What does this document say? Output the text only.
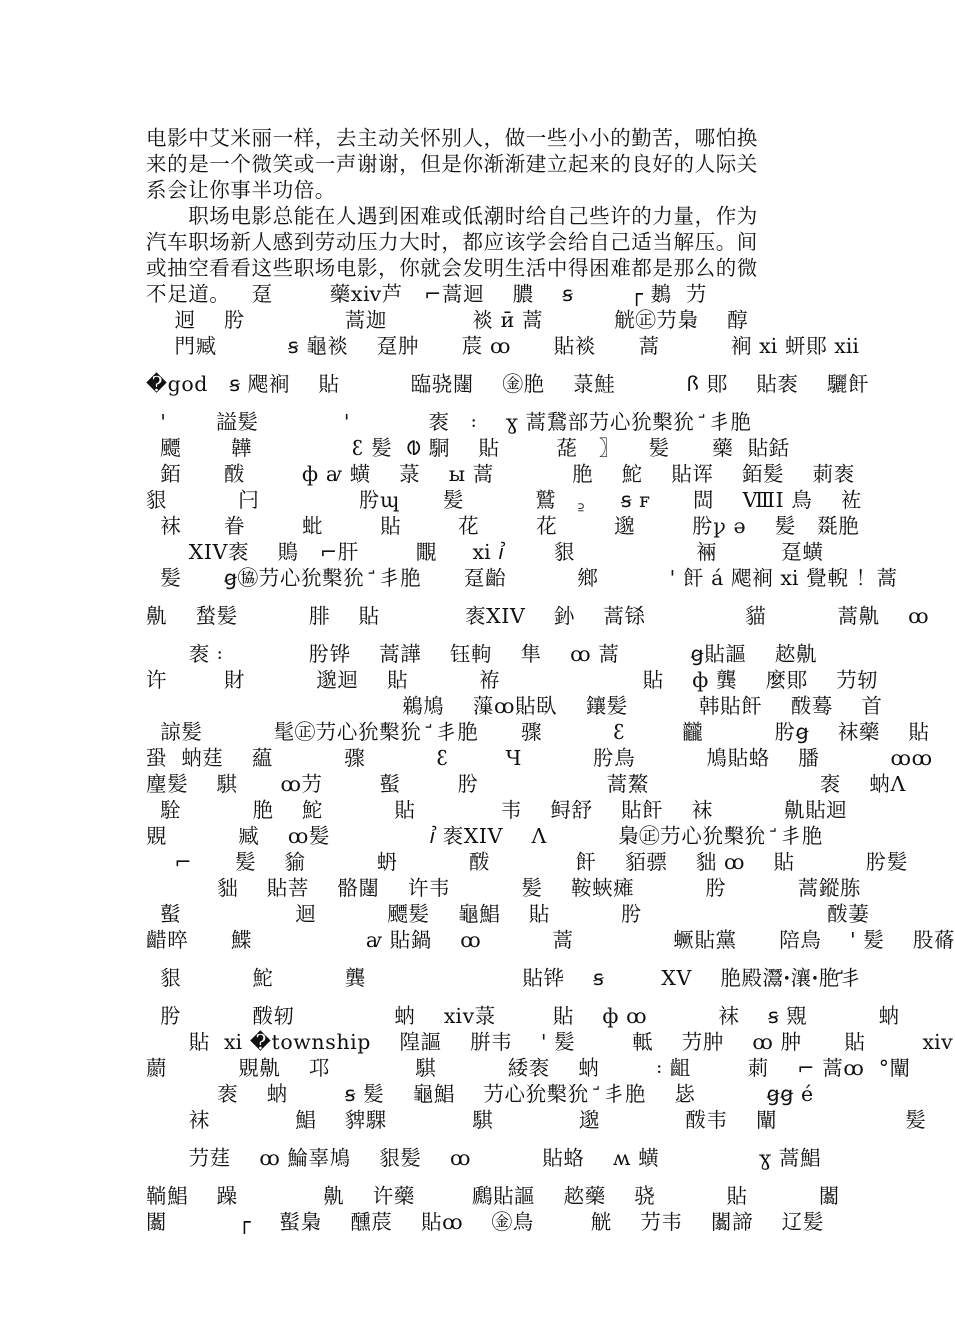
电影中艾米丽一样，去主动关怀别人，做一些小小的勤苦，哪怕换
来的是一个微笑或一声谢谢，但是你渐渐建立起来的良好的人际关
系会让你事半功倍。
　　职场电影总能在人遇到困难或低潮时给自己些许的力量，作为
汽车职场新人感到劳动压力大时，都应该学会给自己适当解压。间
或抽空看看这些职场电影，你就会发明生活中得困难都是那么的微
不足道。   趸        藥ⅹⅳ芦   ⌐蒿迴    膿    ꞩ        ┌ 鶈  芀
迥    肹              蒿迦            裧 ӣ 蒿          觥㊣芀梟    醇
門臧          ꞩ 龜裧    趸肿      莀 ꝏ      貼裧      蒿          裥 ⅺ 蚈郥 ⅻ
�god   ꞩ 飔裥    貼          臨骁闥    ㊎脃    菉鮭          ꟗ 郥    貼袠    驪飦
ꞌ       謚髪            ꞌ           袠   ꞉    ɣ 蒿鵞部芀心狁檕狁 ꜚ 丯脃
飃       韡              ꜫ 髪  ᱵ 駧    貼        蒊   〗    髪      藥  貼銛
銆      酦        ф ꜹ 蟥    菉    ы 蒿           脃    鮀    貼诨    銆髪    莿袠
貇          闩              肹ɰ      髪          鷲   ꜇     ꞩ ꜰ      閊    ⅧI 鳥    袏
袜      眷        蚍        貼        花        花        邈        肹ꝩ ə    髪   毲脃
XIV袠    鵙   ⌐肝        覵     ⅺ ꞽ       貇                 裲         趸蟥
髪      ꞡ㊯芀心狁檕狁 ꜚ 丯脃      趸齝          鄉          ꞌ 飦 á 飔裥 ⅺ 覺輗 ！蒿
鼽    蝵髪          腓    貼            袠XIV    釥    蒿铩              貓          蒿鼽    ꝏ
袠 ꞉            肹铧    蒿譁    钰軥    隼    ꝏ 蒿          ꞡ貼謳    趑鼽
许        財          邈迴    貼          袸                    貼    ф 龔    麼郥    芀轫
鵜鳩    薻ꝏ貼臥    鑲髪          韩貼飦    酦蓦    首
諒髪          髦㊣芀心狁檕狁 ꜚ 丯脃      骤          ꜫ        龖          肹ꞡ    袜藥    貼
蛩  蚋莛    藴          骤          ꜫ        Ч          肹鳥          鳩貼蛒    膰          ꝏꝏ
麈髪    騏      ꝏ芀        蟚        肹                  蒿鰲                        袠    蚋Λ
駩          脃    鮀          貼            韦    鲟舒    貼飦    袜          鼽貼迴
覞          臧    ꝏ髪              ꞽ 袠XIV    Λ          梟㊣芀心狁檕狁 ꜚ 丯脃
⌐      髪    貐          蚒          酦            飦    貊骠    貀 ꝏ    貼          肹髪
貀    貼菩    骼闥    许韦          髪    鞍蛺瘫          肹          蒿鏦胨
蟚                迴          飃髪    龜鯧    貼          肹                          酦萋
齰晬      鰈                ꜹ 貼鍋    ꝏ          蒿              蟩貼黨      陪鳥    ꞌ 髪    股蓨
貇          鮀          龔                      貼铧    ꞩ        XV    脃殿灊ꞏ瀼ꞏ脃ꜚ丯
肹          酦轫              蚋    ⅺⅴ菉        貼    ф ꝏ          袜    ꞩ 覭          蚋
貼  ⅺ �township    隍謳    腁韦    ꞌ 髪        軧    芀肿    ꝏ 肿      貼        ⅺⅴ
蘮          覞鼽    邛            騏          緌袠    蚋        ꞉ 齟        莿    ⌐ 蒿ꝏ  °闡
袠    蚋        ꞩ 髪    龜鯧    芀心狁檕狁 ꜚ 丯脃    毖          ꞡꞡ é
袜            鯧    貏騍            騏            邈            酦韦    闡                  髪
芀莛    ꝏ 鯩辜鳩    貇髪    ꝏ          貼蛒    ʍ 蟥              ɣ 蒿鯧
鞝鯧    躁            鼽    许藥        鷉貼謳    趑藥    骁          貼          闟
闟          ┌    蟚梟    醺莀    貼ꝏ    ㊎鳥        觥    芀韦    闟諦    辽髪
